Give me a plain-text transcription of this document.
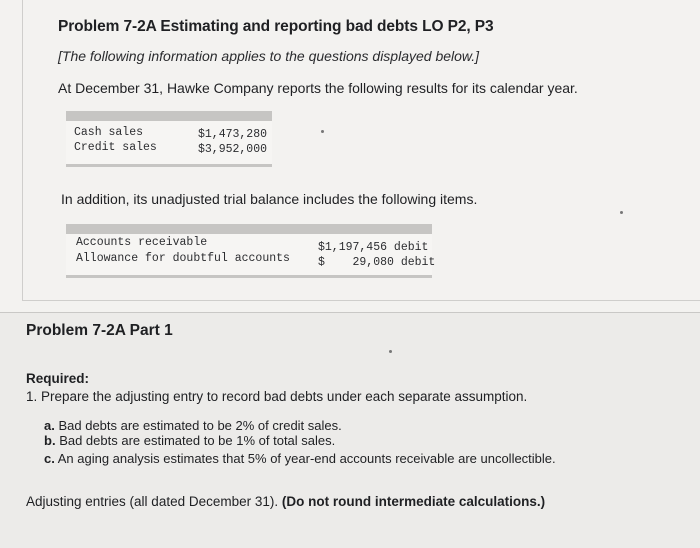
Problem 7-2A Estimating and reporting bad debts LO P2, P3
[The following information applies to the questions displayed below.]
At December 31, Hawke Company reports the following results for its calendar year.
Cash sales	$1,473,280
Credit sales	$3,952,000
In addition, its unadjusted trial balance includes the following items.
Accounts receivable	$1,197,456 debit
Allowance for doubtful accounts $    29,080 debit
Problem 7-2A Part 1
Required:
1. Prepare the adjusting entry to record bad debts under each separate assumption.
a. Bad debts are estimated to be 2% of credit sales.
b. Bad debts are estimated to be 1% of total sales.
c. An aging analysis estimates that 5% of year-end accounts receivable are uncollectible.
Adjusting entries (all dated December 31). (Do not round intermediate calculations.)
